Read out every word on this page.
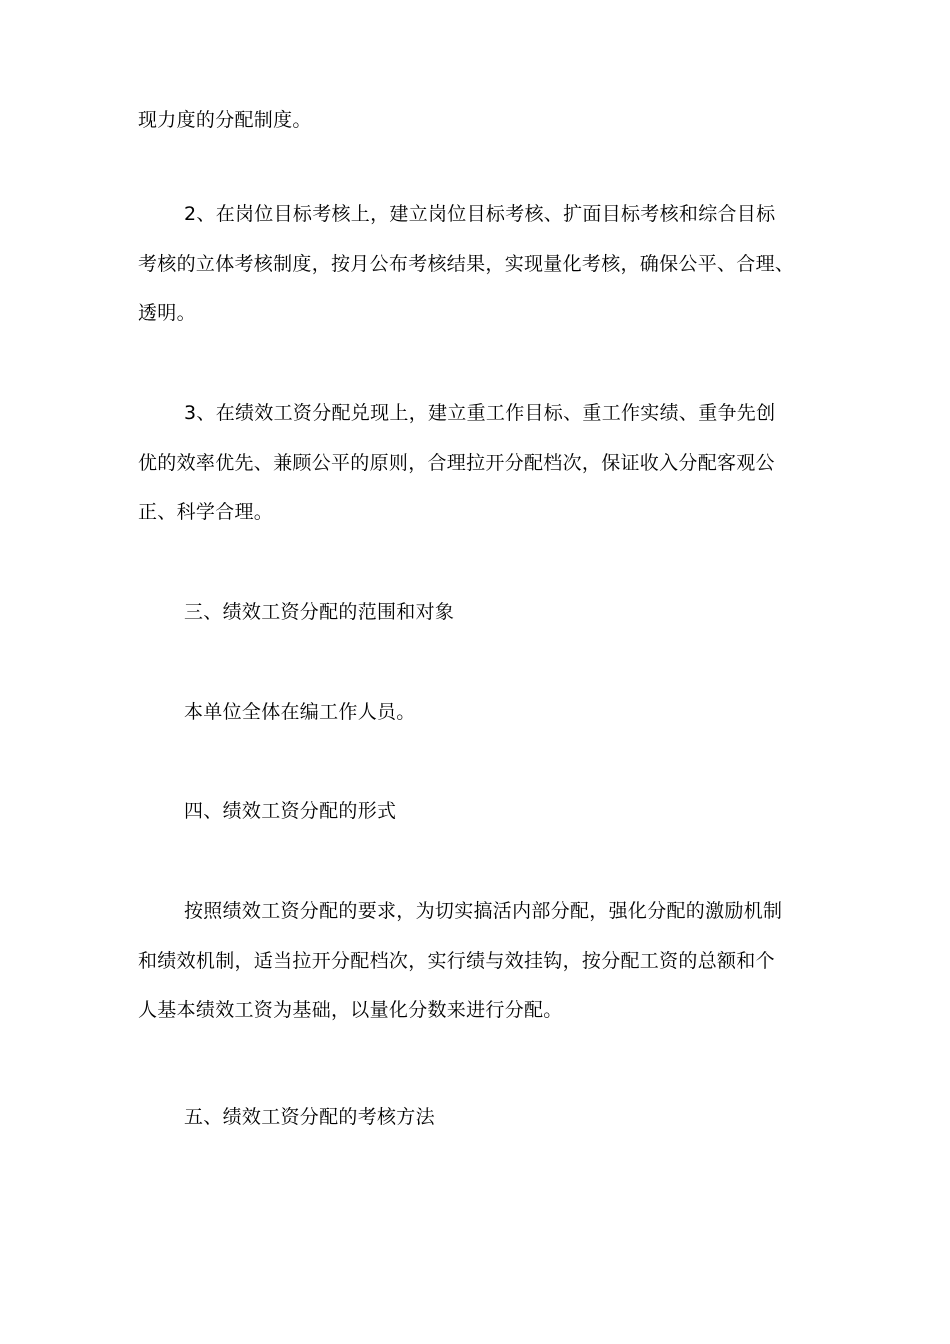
现力度的分配制度。
2、在岗位目标考核上，建立岗位目标考核、扩面目标考核和综合目标
考核的立体考核制度，按月公布考核结果，实现量化考核，确保公平、合理、
透明。
3、在绩效工资分配兑现上，建立重工作目标、重工作实绩、重争先创
优的效率优先、兼顾公平的原则，合理拉开分配档次，保证收入分配客观公
正、科学合理。
三、绩效工资分配的范围和对象
本单位全体在编工作人员。
四、绩效工资分配的形式
按照绩效工资分配的要求，为切实搞活内部分配，强化分配的激励机制
和绩效机制，适当拉开分配档次，实行绩与效挂钩，按分配工资的总额和个
人基本绩效工资为基础，以量化分数来进行分配。
五、绩效工资分配的考核方法
